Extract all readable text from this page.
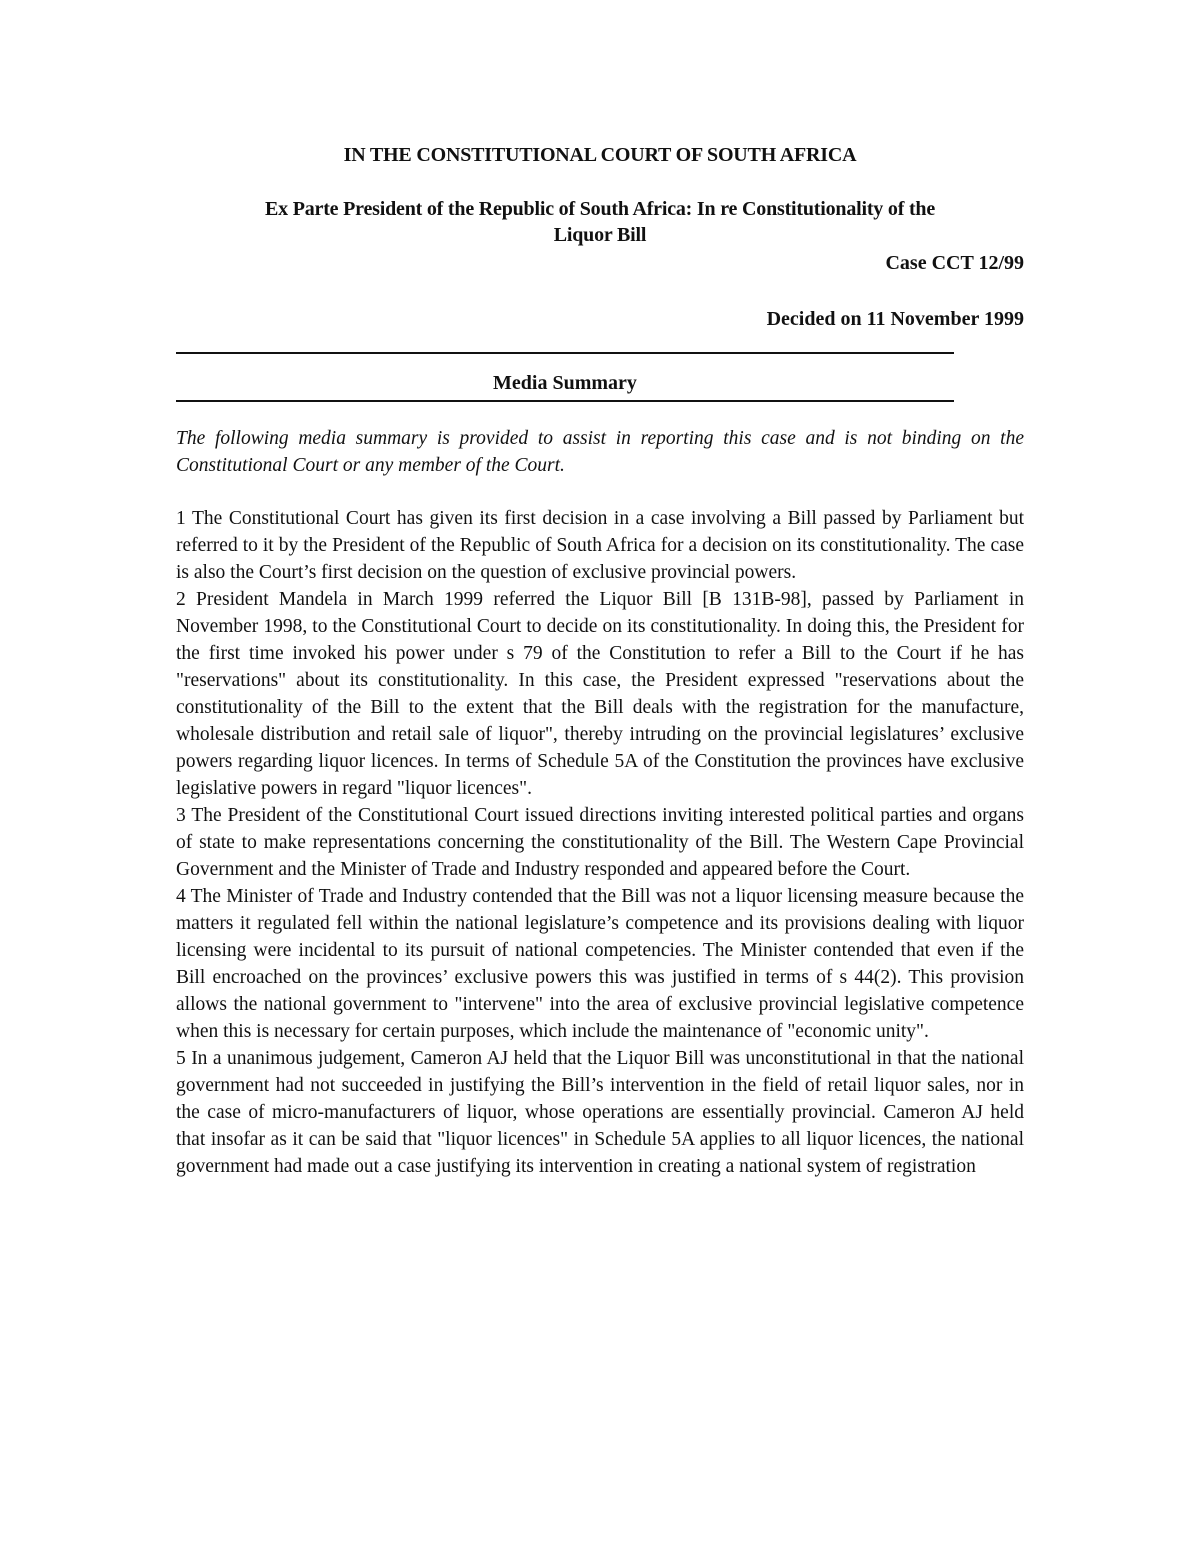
IN THE CONSTITUTIONAL COURT OF SOUTH AFRICA

Ex Parte President of the Republic of South Africa: In re Constitutionality of the
Liquor Bill

Case CCT 12/99

Decided on 11 November 1999

Media Summary

The following media summary is provided to assist in reporting this case and is not binding on the Constitutional Court or any member of the Court.

1 The Constitutional Court has given its first decision in a case involving a Bill passed by Parliament but referred to it by the President of the Republic of South Africa for a decision on its constitutionality. The case is also the Court’s first decision on the question of exclusive provincial powers.

2 President Mandela in March 1999 referred the Liquor Bill [B 131B-98], passed by Parliament in November 1998, to the Constitutional Court to decide on its constitutionality. In doing this, the President for the first time invoked his power under s 79 of the Constitution to refer a Bill to the Court if he has "reservations" about its constitutionality. In this case, the President expressed "reservations about the constitutionality of the Bill to the extent that the Bill deals with the registration for the manufacture, wholesale distribution and retail sale of liquor", thereby intruding on the provincial legislatures’ exclusive powers regarding liquor licences. In terms of Schedule 5A of the Constitution the provinces have exclusive legislative powers in regard "liquor licences".

3 The President of the Constitutional Court issued directions inviting interested political parties and organs of state to make representations concerning the constitutionality of the Bill. The Western Cape Provincial Government and the Minister of Trade and Industry responded and appeared before the Court.

4 The Minister of Trade and Industry contended that the Bill was not a liquor licensing measure because the matters it regulated fell within the national legislature’s competence and its provisions dealing with liquor licensing were incidental to its pursuit of national competencies. The Minister contended that even if the Bill encroached on the provinces’ exclusive powers this was justified in terms of s 44(2). This provision allows the national government to "intervene" into the area of exclusive provincial legislative competence when this is necessary for certain purposes, which include the maintenance of "economic unity".

5 In a unanimous judgement, Cameron AJ held that the Liquor Bill was unconstitutional in that the national government had not succeeded in justifying the Bill’s intervention in the field of retail liquor sales, nor in the case of micro-manufacturers of liquor, whose operations are essentially provincial. Cameron AJ held that insofar as it can be said that "liquor licences" in Schedule 5A applies to all liquor licences, the national government had made out a case justifying its intervention in creating a national system of registration
